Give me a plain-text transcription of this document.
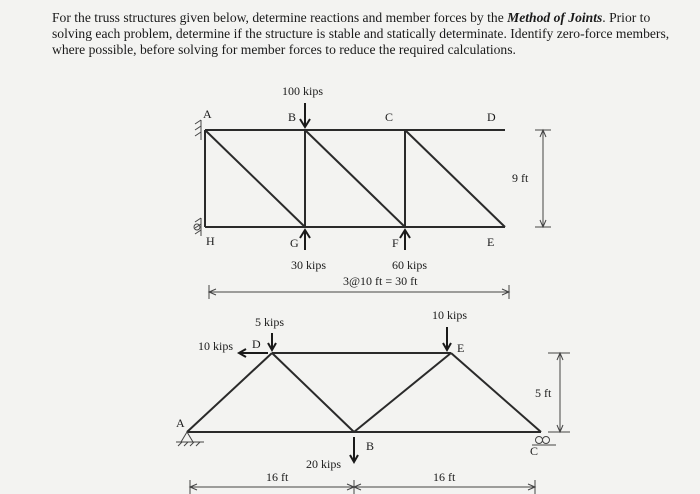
For the truss structures given below, determine reactions and member forces by the Method of Joints. Prior to solving each problem, determine if the structure is stable and statically determinate. Identify zero-force members, where possible, before solving for member forces to reduce the required calculations.

100 kips
30 kips	60 kips
A	B	C	D
H	G	F	E
9 ft
3@10 ft = 30 ft
5 kips
10 kips
10 kips
20 kips
A
D	E
B	C
5 ft
16 ft	16 ft
